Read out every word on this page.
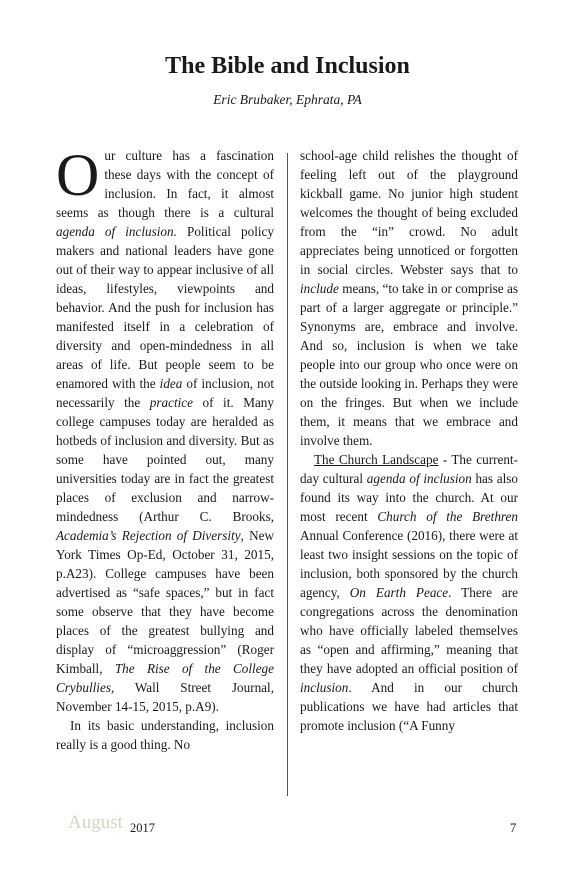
The Bible and Inclusion
Eric Brubaker, Ephrata, PA

Our culture has a fascination these days with the concept of inclusion. In fact, it almost seems as though there is a cultural agenda of inclusion. Political policy makers and national leaders have gone out of their way to appear inclusive of all ideas, lifestyles, viewpoints and behavior. And the push for inclusion has manifested itself in a celebration of diversity and open-mindedness in all areas of life. But people seem to be enamored with the idea of inclusion, not necessarily the practice of it. Many college campuses today are heralded as hotbeds of inclusion and diversity. But as some have pointed out, many universities today are in fact the greatest places of exclusion and narrow-mindedness (Arthur C. Brooks, Academia’s Rejection of Diversity, New York Times Op-Ed, October 31, 2015, p.A23). College campuses have been advertised as “safe spaces,” but in fact some observe that they have become places of the greatest bullying and display of “microaggression” (Roger Kimball, The Rise of the College Crybullies, Wall Street Journal, November 14-15, 2015, p.A9).

In its basic understanding, inclusion really is a good thing. No

school-age child relishes the thought of feeling left out of the playground kickball game. No junior high student welcomes the thought of being excluded from the “in” crowd. No adult appreciates being unnoticed or forgotten in social circles. Webster says that to include means, “to take in or comprise as part of a larger aggregate or principle.” Synonyms are, embrace and involve. And so, inclusion is when we take people into our group who once were on the outside looking in. Perhaps they were on the fringes. But when we include them, it means that we embrace and involve them.

The Church Landscape - The current-day cultural agenda of inclusion has also found its way into the church. At our most recent Church of the Brethren Annual Conference (2016), there were at least two insight sessions on the topic of inclusion, both sponsored by the church agency, On Earth Peace. There are congregations across the denomination who have officially labeled themselves as “open and affirming,” meaning that they have adopted an official position of inclusion. And in our church publications we have had articles that promote inclusion (“A Funny

August 2017	7
